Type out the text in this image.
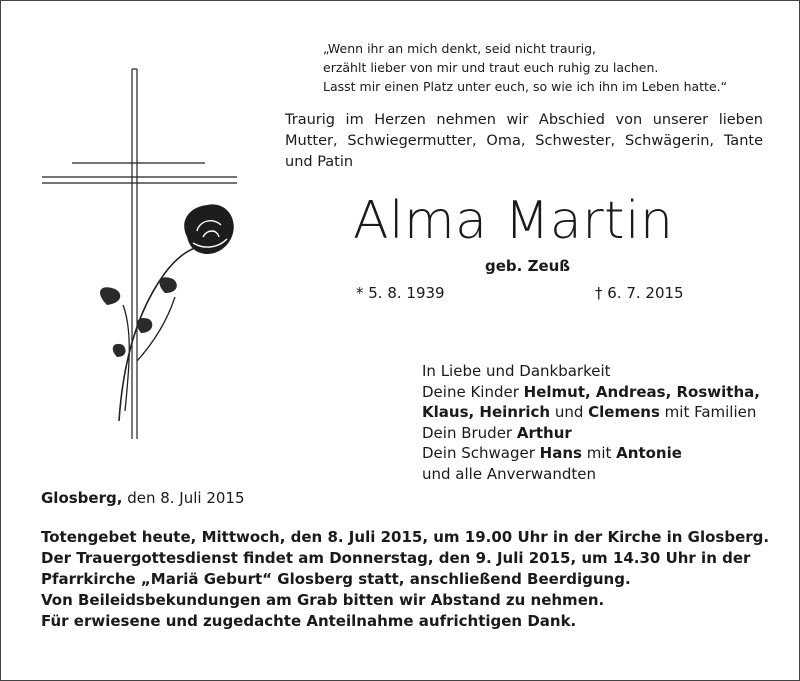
„Wenn ihr an mich denkt, seid nicht traurig,
erzählt lieber von mir und traut euch ruhig zu lachen.
Lasst mir einen Platz unter euch, so wie ich ihn im Leben hatte.“
Traurig im Herzen nehmen wir Abschied von unserer lieben Mutter, Schwiegermutter, Oma, Schwester, Schwägerin, Tante und Patin
Alma Martin
geb. Zeuß
* 5. 8. 1939	† 6. 7. 2015
In Liebe und Dankbarkeit
Deine Kinder Helmut, Andreas, Roswitha,
Klaus, Heinrich und Clemens mit Familien
Dein Bruder Arthur
Dein Schwager Hans mit Antonie
und alle Anverwandten
Glosberg, den 8. Juli 2015
Totengebet heute, Mittwoch, den 8. Juli 2015, um 19.00 Uhr in der Kirche in Glosberg.
Der Trauergottesdienst findet am Donnerstag, den 9. Juli 2015, um 14.30 Uhr in der
Pfarrkirche „Mariä Geburt“ Glosberg statt, anschließend Beerdigung.
Von Beileidsbekundungen am Grab bitten wir Abstand zu nehmen.
Für erwiesene und zugedachte Anteilnahme aufrichtigen Dank.
